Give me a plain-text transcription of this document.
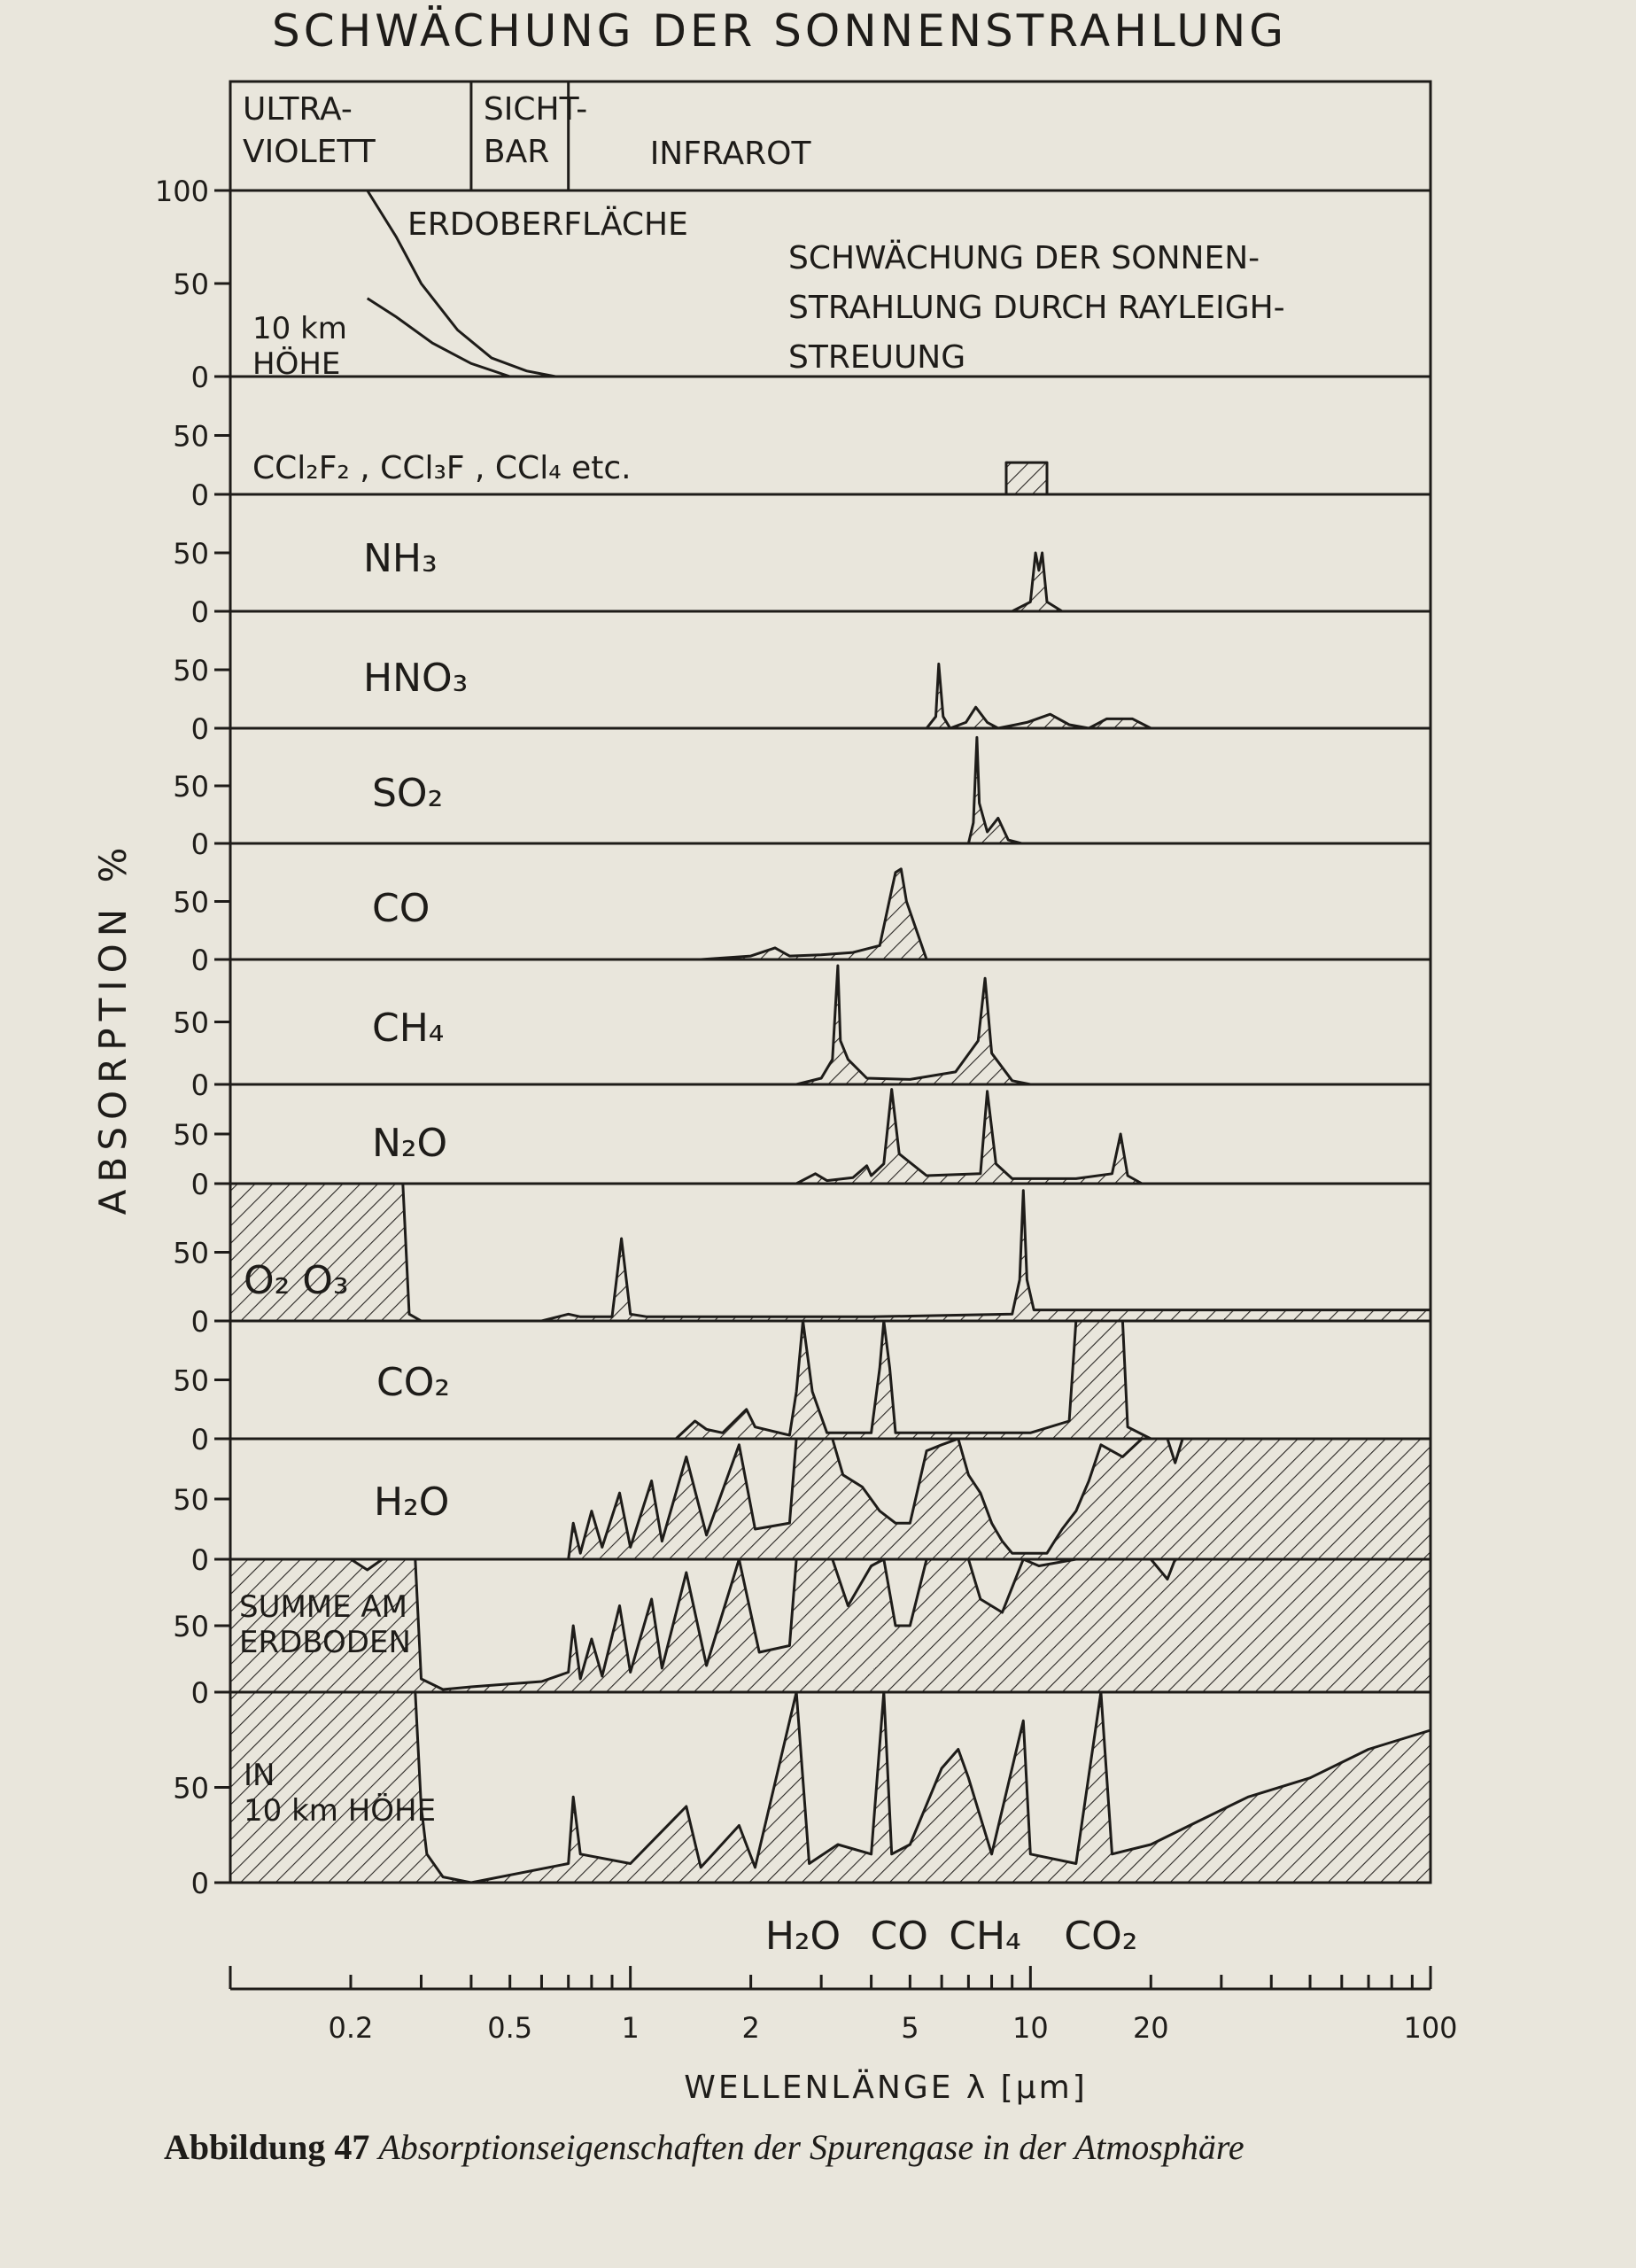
SCHWÄCHUNG DER SONNENSTRAHLUNG
ULTRA-VIOLETT
SICHT-BAR	INFRAROT
ERDOBERFLÄCHE
10 km HÖHE
SCHWÄCHUNG DER SONNEN-STRAHLUNG DURCH RAYLEIGH-STREUUNG
CCl₂F₂ , CCl₃F , CCl₄ etc.
NH₃
HNO₃
SO₂
CO
CH₄
N₂O
O₂ O₃
CO₂
H₂O
SUMME AM ERDBODEN
IN 10 km HÖHE
100
50
0
50
0
50
0
50
0
50
0
50
0
50
0
50
0
50
0
50
0
50
0
50
0
50
0
ABSORPTION %
H₂O CO CH₄ CO₂
0.2	0.5	1	2	5	10	20	100
WELLENLÄNGE λ [μm]
Abbildung 47 Absorptionseigenschaften der Spurengase in der Atmosphäre
